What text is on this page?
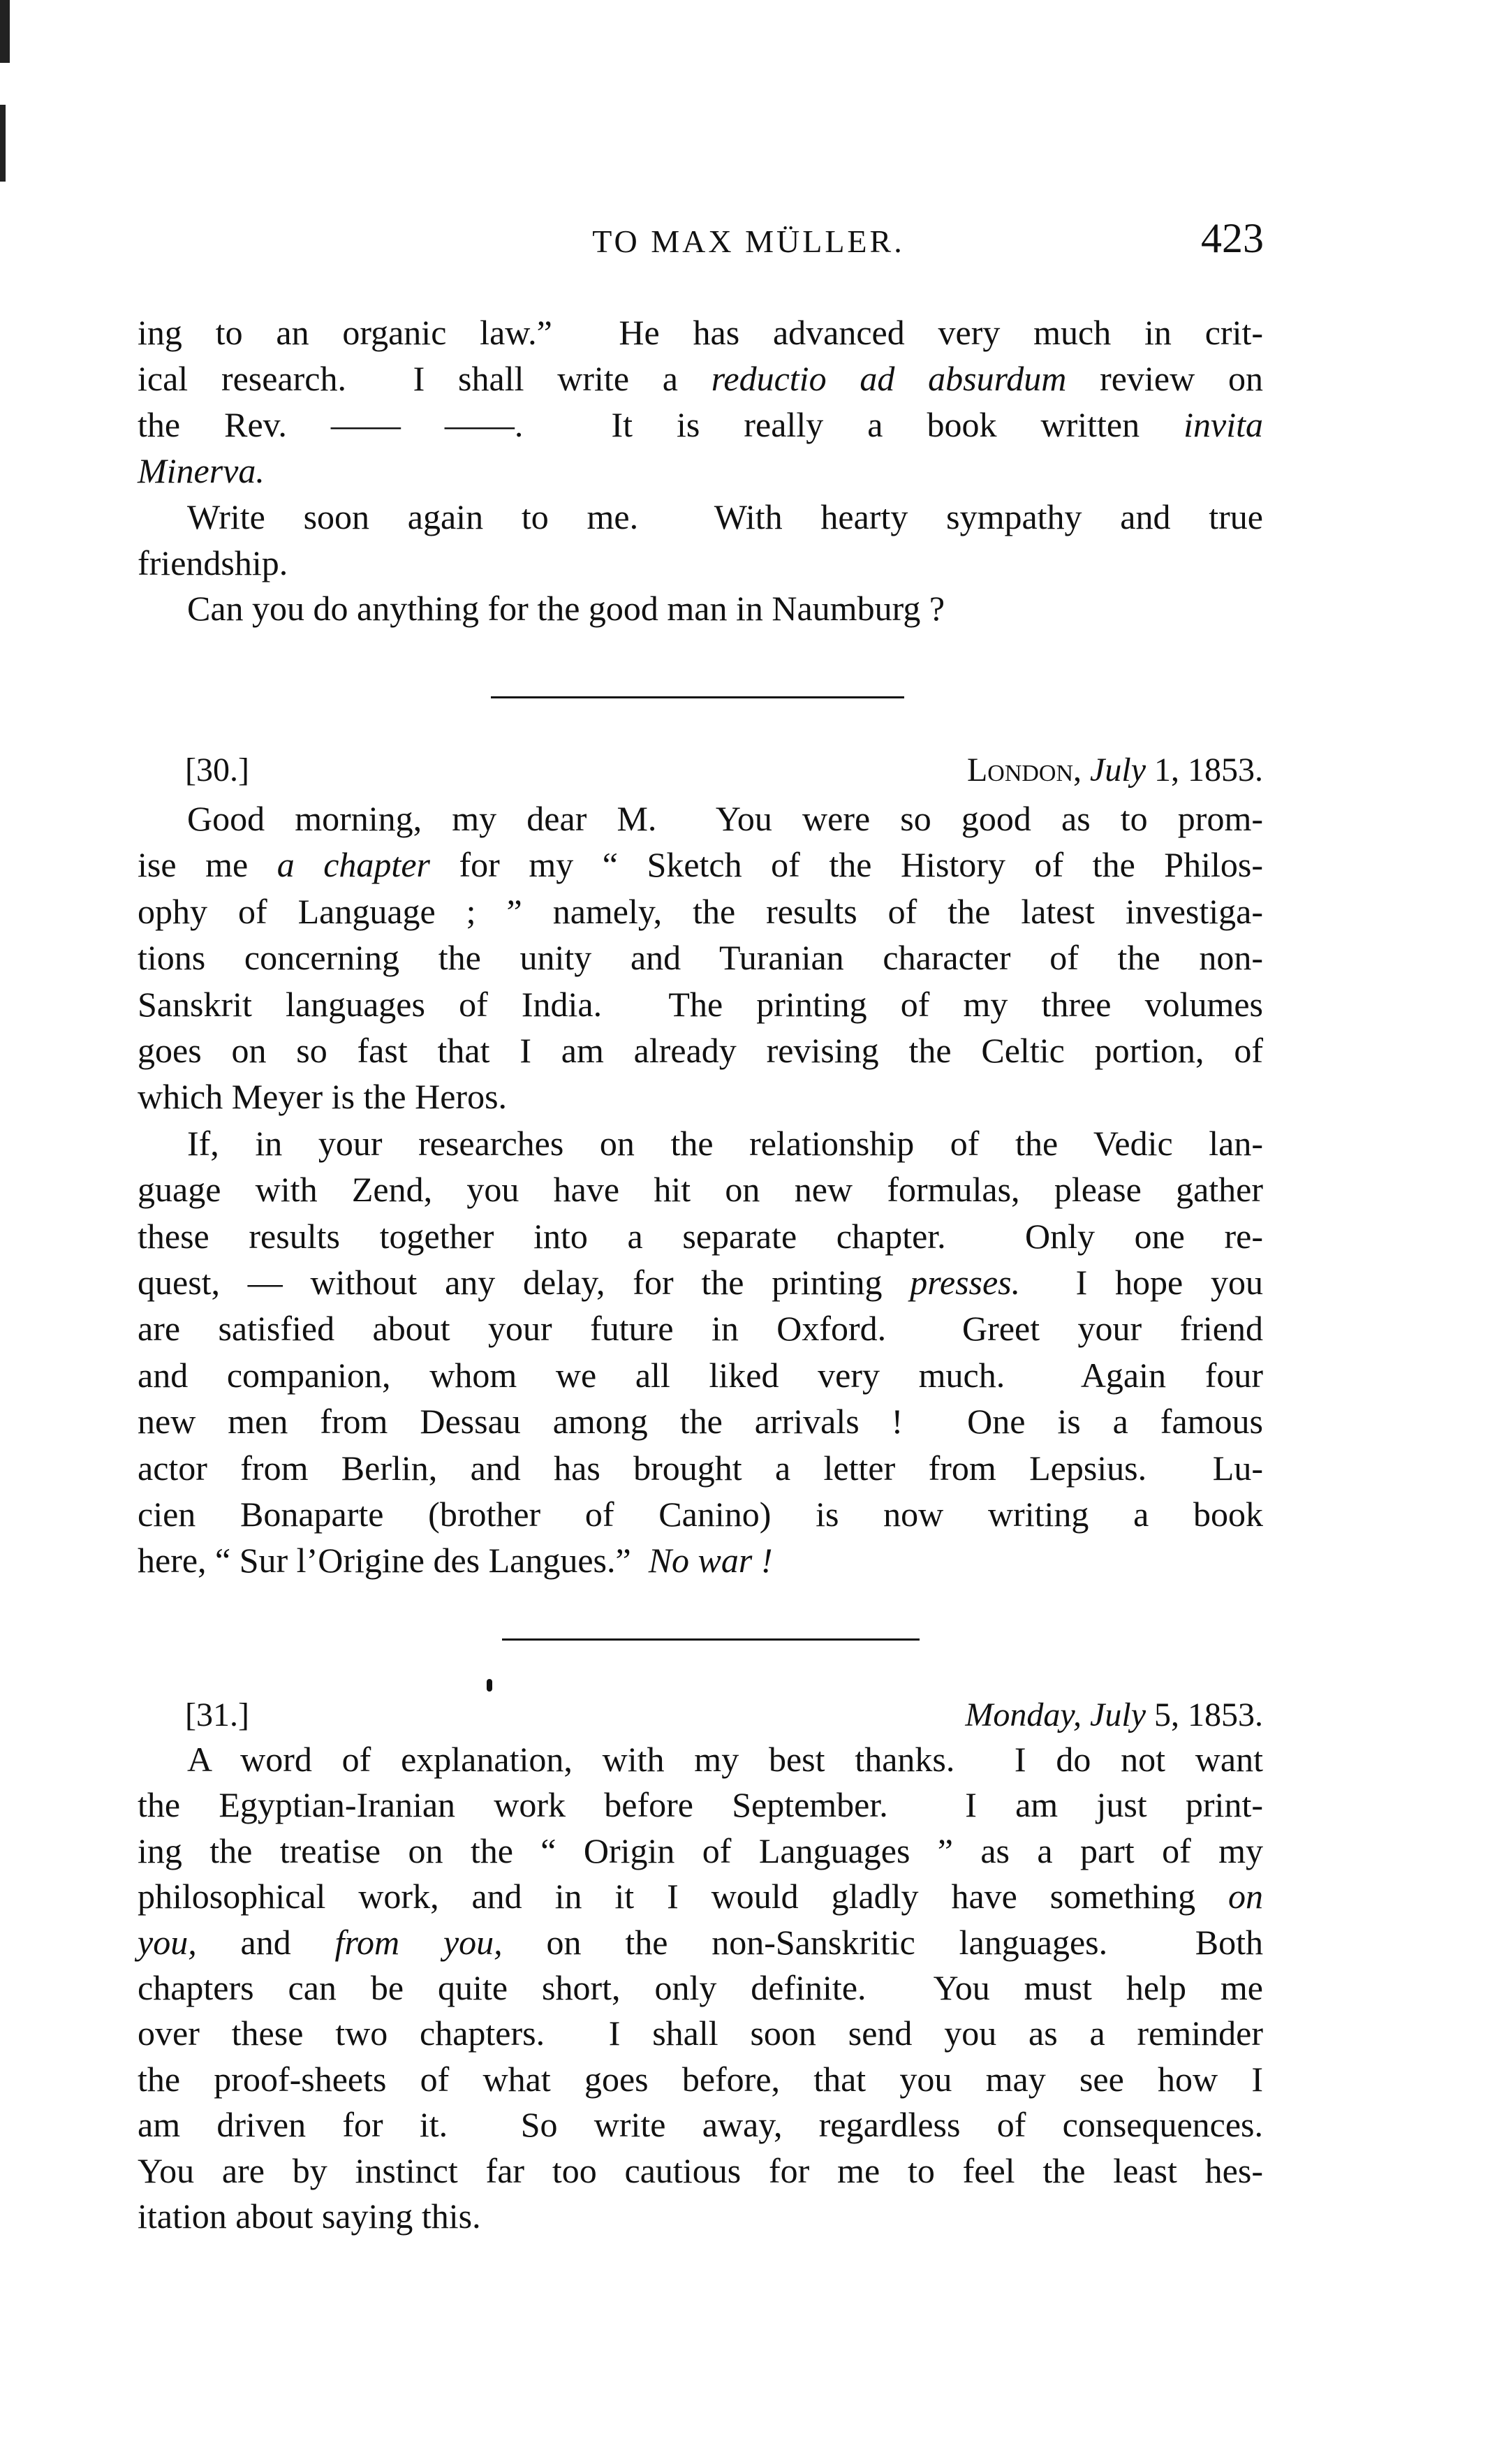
TO MAX MÜLLER.	423
ing to an organic law.”  He has advanced very much in crit-
ical research.  I shall write a reductio ad absurdum review on
the Rev. —— ——.  It is really a book written invita
Minerva.
Write soon again to me.  With hearty sympathy and true
friendship.
Can you do anything for the good man in Naumburg ?
[30.]	London, July 1, 1853.
Good morning, my dear M.  You were so good as to prom-
ise me a chapter for my “ Sketch of the History of the Philos-
ophy of Language ; ” namely, the results of the latest investiga-
tions concerning the unity and Turanian character of the non-
Sanskrit languages of India.  The printing of my three volumes
goes on so fast that I am already revising the Celtic portion, of
which Meyer is the Heros.
If, in your researches on the relationship of the Vedic lan-
guage with Zend, you have hit on new formulas, please gather
these results together into a separate chapter.  Only one re-
quest, — without any delay, for the printing presses.  I hope you
are satisfied about your future in Oxford.  Greet your friend
and companion, whom we all liked very much.  Again four
new men from Dessau among the arrivals !  One is a famous
actor from Berlin, and has brought a letter from Lepsius.  Lu-
cien Bonaparte (brother of Canino) is now writing a book
here, “ Sur l’Origine des Langues.”  No war !
[31.]	Monday, July 5, 1853.
A word of explanation, with my best thanks.  I do not want
the Egyptian-Iranian work before September.  I am just print-
ing the treatise on the “ Origin of Languages ” as a part of my
philosophical work, and in it I would gladly have something on
you, and from you, on the non-Sanskritic languages.  Both
chapters can be quite short, only definite.  You must help me
over these two chapters.  I shall soon send you as a reminder
the proof-sheets of what goes before, that you may see how I
am driven for it.  So write away, regardless of consequences.
You are by instinct far too cautious for me to feel the least hes-
itation about saying this.
